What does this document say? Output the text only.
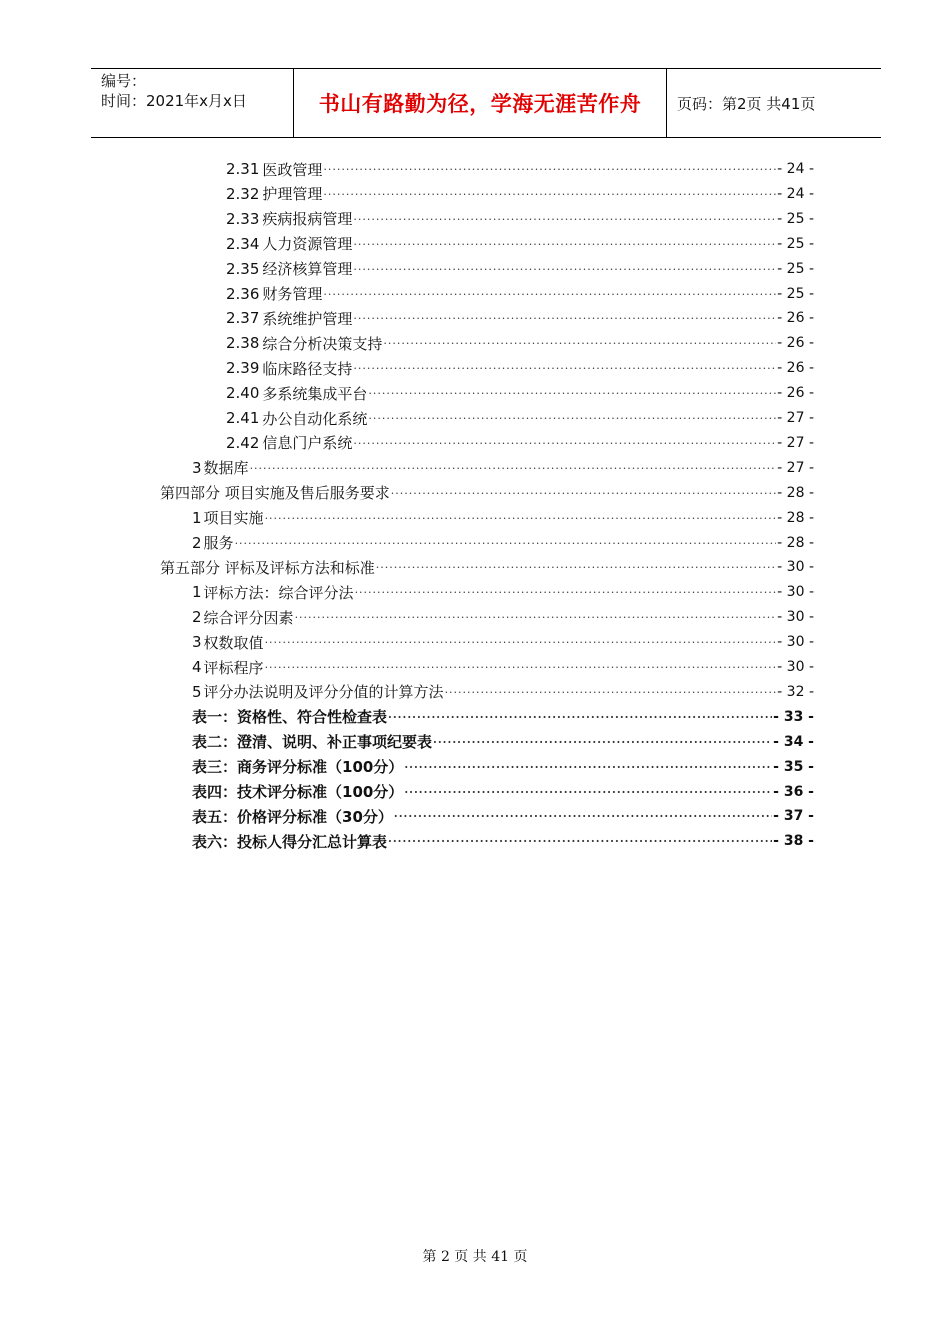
编号：
时间：2021年x月x日	书山有路勤为径，学海无涯苦作舟	页码：第2页 共41页
2.31 医政管理 .....	- 24 -
2.32 护理管理 .....	- 24 -
2.33 疾病报病管理 .....	- 25 -
2.34 人力资源管理 .....	- 25 -
2.35 经济核算管理 .....	- 25 -
2.36 财务管理 .....	- 25 -
2.37 系统维护管理 .....	- 26 -
2.38 综合分析决策支持 .....	- 26 -
2.39 临床路径支持 .....	- 26 -
2.40 多系统集成平台 .....	- 26 -
2.41 办公自动化系统 .....	- 27 -
2.42 信息门户系统 .....	- 27 -
3 数据库 .....	- 27 -
第四部分 项目实施及售后服务要求 .....	- 28 -
1 项目实施 .....	- 28 -
2 服务 .....	- 28 -
第五部分 评标及评标方法和标准 .....	- 30 -
1 评标方法：综合评分法 .....	- 30 -
2 综合评分因素 .....	- 30 -
3 权数取值 .....	- 30 -
4 评标程序 .....	- 30 -
5 评分办法说明及评分分值的计算方法 .....	- 32 -
表一：资格性、符合性检查表 .....	- 33 -
表二：澄清、说明、补正事项纪要表 .....	- 34 -
表三：商务评分标准（100分） .....	- 35 -
表四：技术评分标准（100分） .....	- 36 -
表五：价格评分标准（30分） .....	- 37 -
表六：投标人得分汇总计算表 .....	- 38 -
第 2 页 共 41 页
